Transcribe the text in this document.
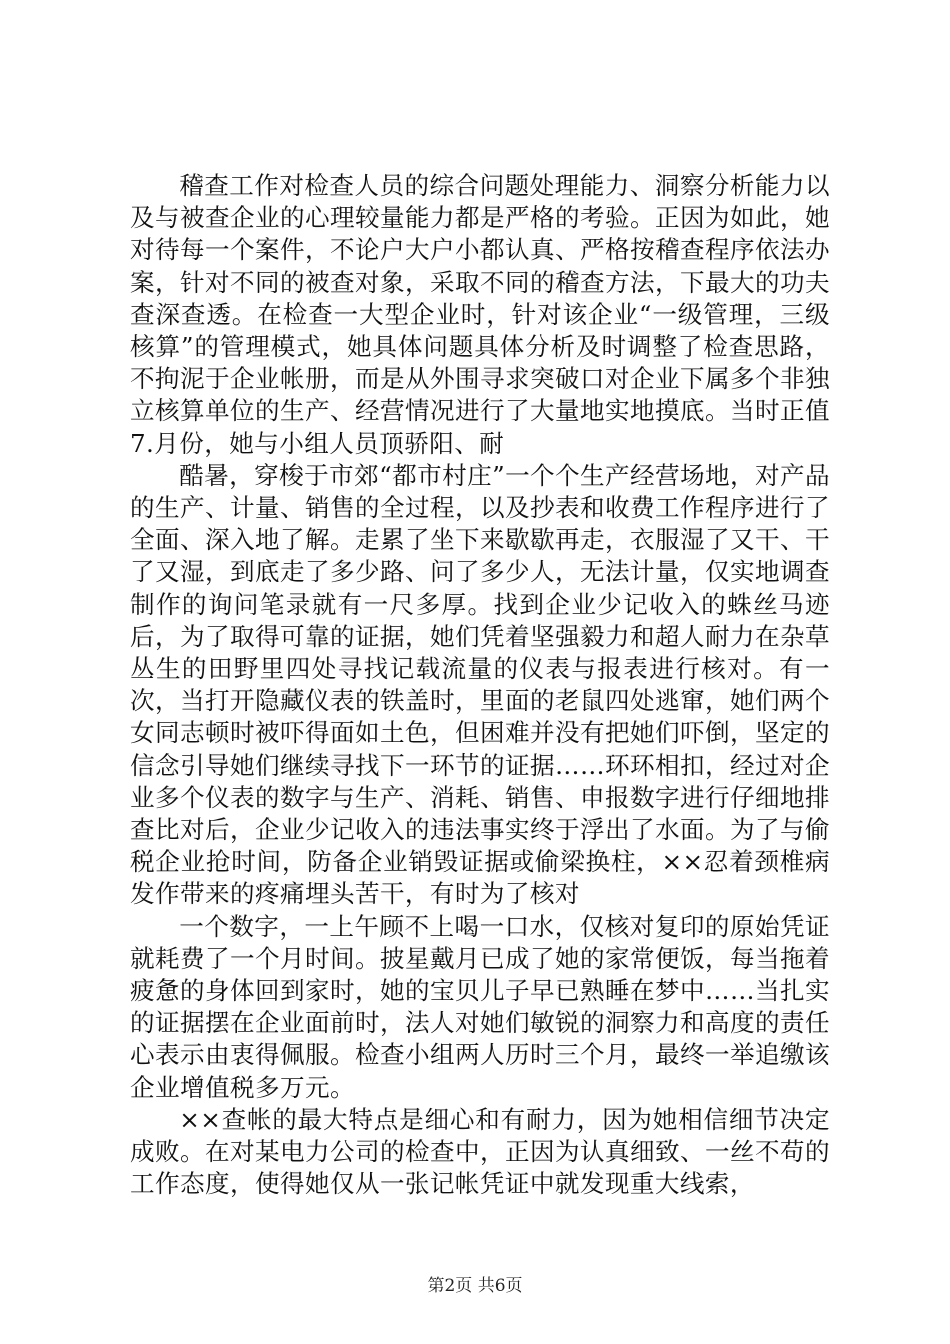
稽查工作对检查人员的综合问题处理能力、洞察分析能力以及与被查企业的心理较量能力都是严格的考验。正因为如此，她对待每一个案件，不论户大户小都认真、严格按稽查程序依法办案，针对不同的被查对象，采取不同的稽查方法，下最大的功夫查深查透。在检查一大型企业时，针对该企业“一级管理，三级核算”的管理模式，她具体问题具体分析及时调整了检查思路，不拘泥于企业帐册，而是从外围寻求突破口对企业下属多个非独立核算单位的生产、经营情况进行了大量地实地摸底。当时正值7.月份，她与小组人员顶骄阳、耐

酷暑，穿梭于市郊“都市村庄”一个个生产经营场地，对产品的生产、计量、销售的全过程，以及抄表和收费工作程序进行了全面、深入地了解。走累了坐下来歇歇再走，衣服湿了又干、干了又湿，到底走了多少路、问了多少人，无法计量，仅实地调查制作的询问笔录就有一尺多厚。找到企业少记收入的蛛丝马迹后，为了取得可靠的证据，她们凭着坚强毅力和超人耐力在杂草丛生的田野里四处寻找记载流量的仪表与报表进行核对。有一次，当打开隐藏仪表的铁盖时，里面的老鼠四处逃窜，她们两个女同志顿时被吓得面如土色，但困难并没有把她们吓倒，坚定的信念引导她们继续寻找下一环节的证据……环环相扣，经过对企业多个仪表的数字与生产、消耗、销售、申报数字进行仔细地排查比对后，企业少记收入的违法事实终于浮出了水面。为了与偷税企业抢时间，防备企业销毁证据或偷梁换柱，××忍着颈椎病发作带来的疼痛埋头苦干，有时为了核对

一个数字，一上午顾不上喝一口水，仅核对复印的原始凭证就耗费了一个月时间。披星戴月已成了她的家常便饭，每当拖着疲惫的身体回到家时，她的宝贝儿子早已熟睡在梦中……当扎实的证据摆在企业面前时，法人对她们敏锐的洞察力和高度的责任心表示由衷得佩服。检查小组两人历时三个月，最终一举追缴该企业增值税多万元。

××查帐的最大特点是细心和有耐力，因为她相信细节决定成败。在对某电力公司的检查中，正因为认真细致、一丝不苟的工作态度，使得她仅从一张记帐凭证中就发现重大线索，

第2页 共6页
